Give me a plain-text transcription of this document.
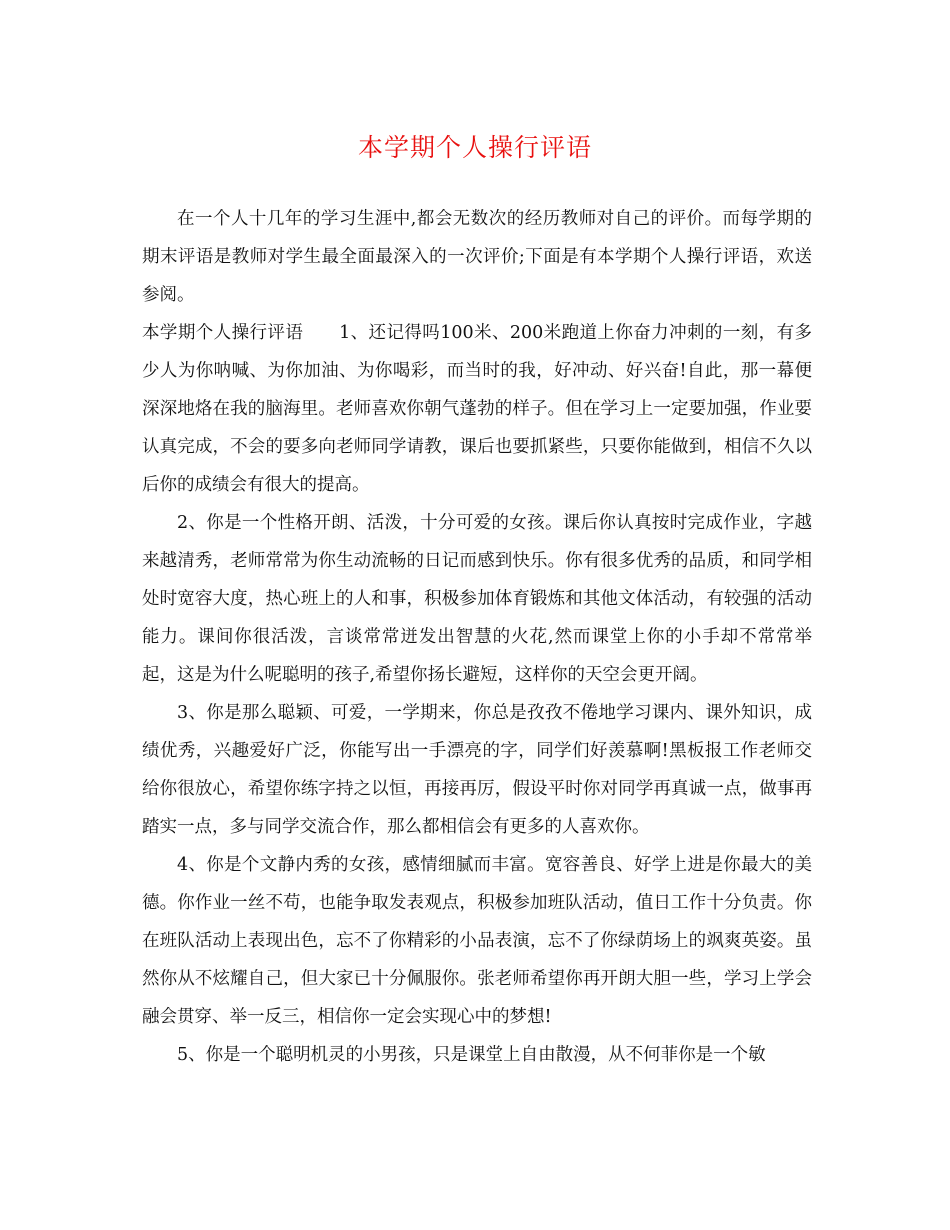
本学期个人操行评语

在一个人十几年的学习生涯中,都会无数次的经历教师对自己的评价。而每学期的期末评语是教师对学生最全面最深入的一次评价;下面是有本学期个人操行评语，欢送参阅。

本学期个人操行评语　　1、还记得吗100米、200米跑道上你奋力冲刺的一刻，有多少人为你呐喊、为你加油、为你喝彩，而当时的我，好冲动、好兴奋!自此，那一幕便深深地烙在我的脑海里。老师喜欢你朝气蓬勃的样子。但在学习上一定要加强，作业要认真完成，不会的要多向老师同学请教，课后也要抓紧些，只要你能做到，相信不久以后你的成绩会有很大的提高。

2、你是一个性格开朗、活泼，十分可爱的女孩。课后你认真按时完成作业，字越来越清秀，老师常常为你生动流畅的日记而感到快乐。你有很多优秀的品质，和同学相处时宽容大度，热心班上的人和事，积极参加体育锻炼和其他文体活动，有较强的活动能力。课间你很活泼，言谈常常迸发出智慧的火花,然而课堂上你的小手却不常常举起，这是为什么呢聪明的孩子,希望你扬长避短，这样你的天空会更开阔。

3、你是那么聪颖、可爱，一学期来，你总是孜孜不倦地学习课内、课外知识，成绩优秀，兴趣爱好广泛，你能写出一手漂亮的字，同学们好羡慕啊!黑板报工作老师交给你很放心，希望你练字持之以恒，再接再厉，假设平时你对同学再真诚一点，做事再踏实一点，多与同学交流合作，那么都相信会有更多的人喜欢你。

4、你是个文静内秀的女孩，感情细腻而丰富。宽容善良、好学上进是你最大的美德。你作业一丝不苟，也能争取发表观点，积极参加班队活动，值日工作十分负责。你在班队活动上表现出色，忘不了你精彩的小品表演，忘不了你绿荫场上的飒爽英姿。虽然你从不炫耀自己，但大家已十分佩服你。张老师希望你再开朗大胆一些，学习上学会融会贯穿、举一反三，相信你一定会实现心中的梦想!

5、你是一个聪明机灵的小男孩，只是课堂上自由散漫，从不何菲你是一个敏
